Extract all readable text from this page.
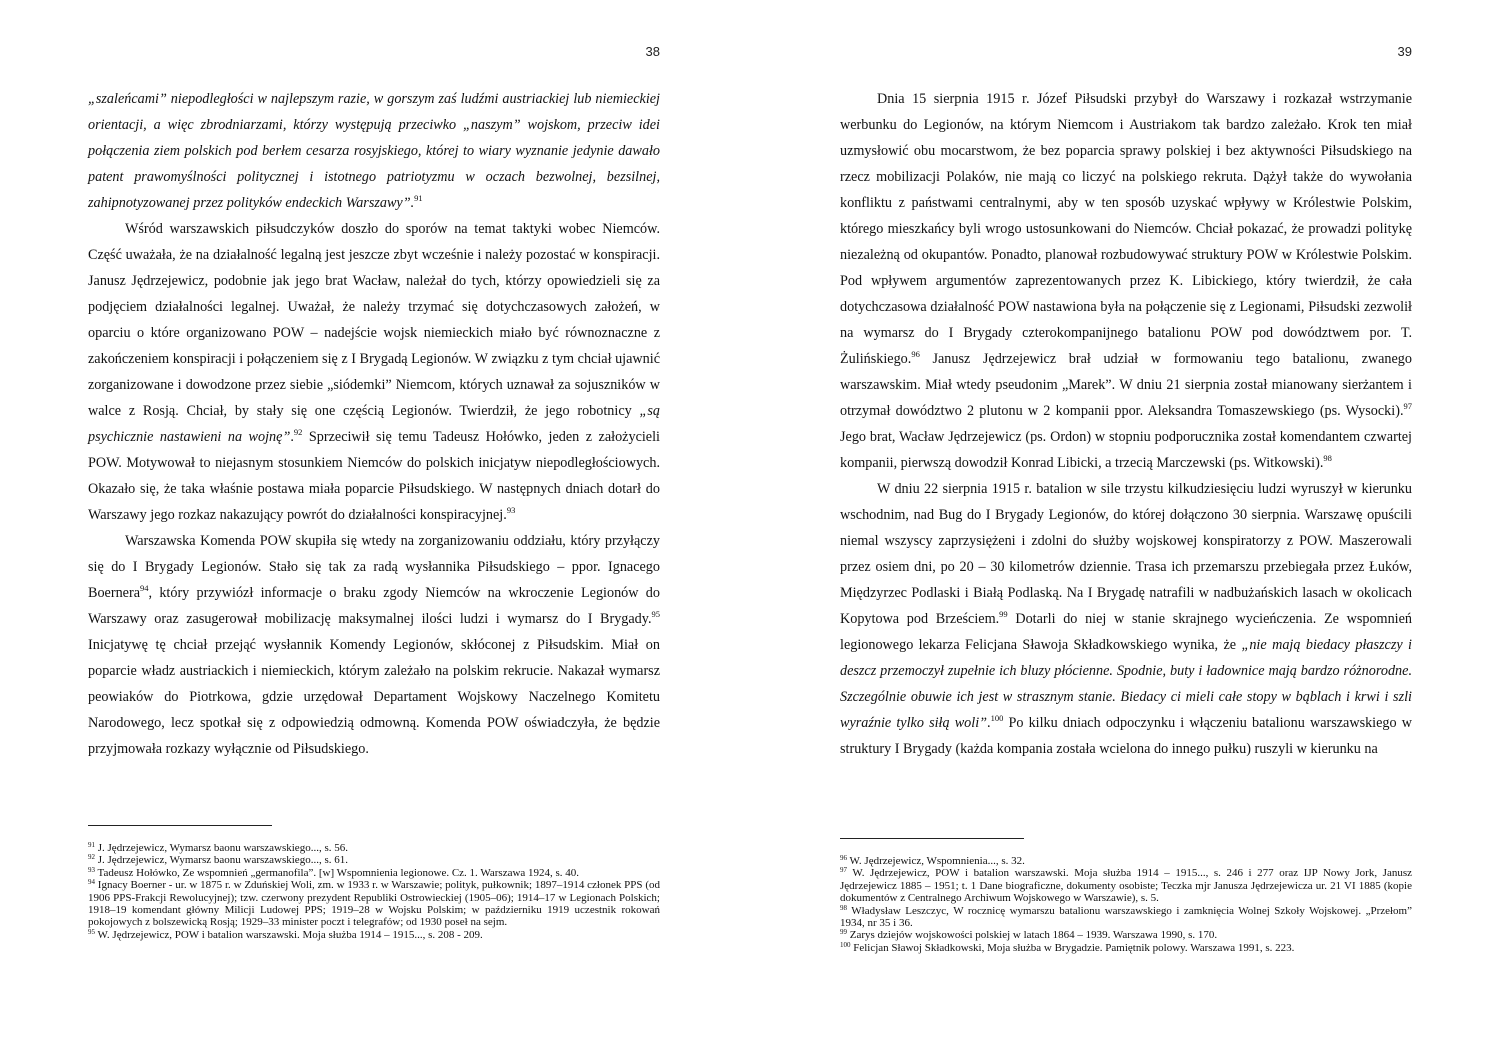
38

„szaleńcami” niepodległości w najlepszym razie, w gorszym zaś ludźmi austriackiej lub niemieckiej orientacji, a więc zbrodniarzami, którzy występują przeciwko „naszym” wojskom, przeciw idei połączenia ziem polskich pod berłem cesarza rosyjskiego, której to wiary wyznanie jedynie dawało patent prawomyślności politycznej i istotnego patriotyzmu w oczach bezwolnej, bezsilnej, zahipnotyzowanej przez polityków endeckich Warszawy”.$^{91}$

Wśród warszawskich piłsudczyków doszło do sporów na temat taktyki wobec Niemców. Część uważała, że na działalność legalną jest jeszcze zbyt wcześnie i należy pozostać w konspiracji. Janusz Jędrzejewicz, podobnie jak jego brat Wacław, należał do tych, którzy opowiedzieli się za podjęciem działalności legalnej. Uważał, że należy trzymać się dotychczasowych założeń, w oparciu o które organizowano POW – nadejście wojsk niemieckich miało być równoznaczne z zakończeniem konspiracji i połączeniem się z I Brygadą Legionów. W związku z tym chciał ujawnić zorganizowane i dowodzone przez siebie „siódemki” Niemcom, których uznawał za sojuszników w walce z Rosją. Chciał, by stały się one częścią Legionów. Twierdził, że jego robotnicy „są psychicznie nastawieni na wojnę”.$^{92}$ Sprzeciwił się temu Tadeusz Hołówko, jeden z założycieli POW. Motywował to niejasnym stosunkiem Niemców do polskich inicjatyw niepodległościowych. Okazało się, że taka właśnie postawa miała poparcie Piłsudskiego. W następnych dniach dotarł do Warszawy jego rozkaz nakazujący powrót do działalności konspiracyjnej.$^{93}$

Warszawska Komenda POW skupiła się wtedy na zorganizowaniu oddziału, który przyłączy się do I Brygady Legionów. Stało się tak za radą wysłannika Piłsudskiego – ppor. Ignacego Boernera$^{94}$, który przywiózł informacje o braku zgody Niemców na wkroczenie Legionów do Warszawy oraz zasugerował mobilizację maksymalnej ilości ludzi i wymarsz do I Brygady.$^{95}$ Inicjatywę tę chciał przejąć wysłannik Komendy Legionów, skłóconej z Piłsudskim. Miał on poparcie władz austriackich i niemieckich, którym zależało na polskim rekrucie. Nakazał wymarsz peowiaków do Piotrkowa, gdzie urzędował Departament Wojskowy Naczelnego Komitetu Narodowego, lecz spotkał się z odpowiedzią odmowną. Komenda POW oświadczyła, że będzie przyjmowała rozkazy wyłącznie od Piłsudskiego.

$^{91}$ J. Jędrzejewicz, Wymarsz baonu warszawskiego..., s. 56.

$^{92}$ J. Jędrzejewicz, Wymarsz baonu warszawskiego..., s. 61.

$^{93}$ Tadeusz Hołówko, Ze wspomnień „germanofila”. [w] Wspomnienia legionowe. Cz. 1. Warszawa 1924, s. 40.

$^{94}$ Ignacy Boerner - ur. w 1875 r. w Zduńskiej Woli, zm. w 1933 r. w Warszawie; polityk, pułkownik; 1897–1914 członek PPS (od 1906 PPS-Frakcji Rewolucyjnej); tzw. czerwony prezydent Republiki Ostrowieckiej (1905–06); 1914–17 w Legionach Polskich; 1918–19 komendant główny Milicji Ludowej PPS; 1919–28 w Wojsku Polskim; w październiku 1919 uczestnik rokowań pokojowych z bolszewicką Rosją; 1929–33 minister poczt i telegrafów; od 1930 poseł na sejm.

$^{95}$ W. Jędrzejewicz, POW i batalion warszawski. Moja służba 1914 – 1915..., s. 208 - 209.

39

Dnia 15 sierpnia 1915 r. Józef Piłsudski przybył do Warszawy i rozkazał wstrzymanie werbunku do Legionów, na którym Niemcom i Austriakom tak bardzo zależało. Krok ten miał uzmysłowić obu mocarstwom, że bez poparcia sprawy polskiej i bez aktywności Piłsudskiego na rzecz mobilizacji Polaków, nie mają co liczyć na polskiego rekruta. Dążył także do wywołania konfliktu z państwami centralnymi, aby w ten sposób uzyskać wpływy w Królestwie Polskim, którego mieszkańcy byli wrogo ustosunkowani do Niemców. Chciał pokazać, że prowadzi politykę niezależną od okupantów. Ponadto, planował rozbudowywać struktury POW w Królestwie Polskim. Pod wpływem argumentów zaprezentowanych przez K. Libickiego, który twierdził, że cała dotychczasowa działalność POW nastawiona była na połączenie się z Legionami, Piłsudski zezwolił na wymarsz do I Brygady czterokompanijnego batalionu POW pod dowództwem por. T. Żulińskiego.$^{96}$ Janusz Jędrzejewicz brał udział w formowaniu tego batalionu, zwanego warszawskim. Miał wtedy pseudonim „Marek”. W dniu 21 sierpnia został mianowany sierżantem i otrzymał dowództwo 2 plutonu w 2 kompanii ppor. Aleksandra Tomaszewskiego (ps. Wysocki).$^{97}$ Jego brat, Wacław Jędrzejewicz (ps. Ordon) w stopniu podporucznika został komendantem czwartej kompanii, pierwszą dowodził Konrad Libicki, a trzecią Marczewski (ps. Witkowski).$^{98}$

W dniu 22 sierpnia 1915 r. batalion w sile trzystu kilkudziesięciu ludzi wyruszył w kierunku wschodnim, nad Bug do I Brygady Legionów, do której dołączono 30 sierpnia. Warszawę opuścili niemal wszyscy zaprzysiężeni i zdolni do służby wojskowej konspiratorzy z POW. Maszerowali przez osiem dni, po 20 – 30 kilometrów dziennie. Trasa ich przemarszu przebiegała przez Łuków, Międzyrzec Podlaski i Białą Podlaską. Na I Brygadę natrafili w nadbużańskich lasach w okolicach Kopytowa pod Brześciem.$^{99}$ Dotarli do niej w stanie skrajnego wycieńczenia. Ze wspomnień legionowego lekarza Felicjana Sławoja Składkowskiego wynika, że „nie mają biedacy płaszczy i deszcz przemoczył zupełnie ich bluzy płócienne. Spodnie, buty i ładownice mają bardzo różnorodne. Szczególnie obuwie ich jest w strasznym stanie. Biedacy ci mieli całe stopy w bąblach i krwi i szli wyraźnie tylko siłą woli”.$^{100}$ Po kilku dniach odpoczynku i włączeniu batalionu warszawskiego w struktury I Brygady (każda kompania została wcielona do innego pułku) ruszyli w kierunku na

$^{96}$ W. Jędrzejewicz, Wspomnienia..., s. 32.

$^{97}$ W. Jędrzejewicz, POW i batalion warszawski. Moja służba 1914 – 1915..., s. 246 i 277 oraz IJP Nowy Jork, Janusz Jędrzejewicz 1885 – 1951; t. 1 Dane biograficzne, dokumenty osobiste; Teczka mjr Janusza Jędrzejewicza ur. 21 VI 1885 (kopie dokumentów z Centralnego Archiwum Wojskowego w Warszawie), s. 5.

$^{98}$ Władysław Leszczyc, W rocznicę wymarszu batalionu warszawskiego i zamknięcia Wolnej Szkoły Wojskowej. „Przełom” 1934, nr 35 i 36.

$^{99}$ Zarys dziejów wojskowości polskiej w latach 1864 – 1939. Warszawa 1990, s. 170.

$^{100}$ Felicjan Sławoj Składkowski, Moja służba w Brygadzie. Pamiętnik polowy. Warszawa 1991, s. 223.
